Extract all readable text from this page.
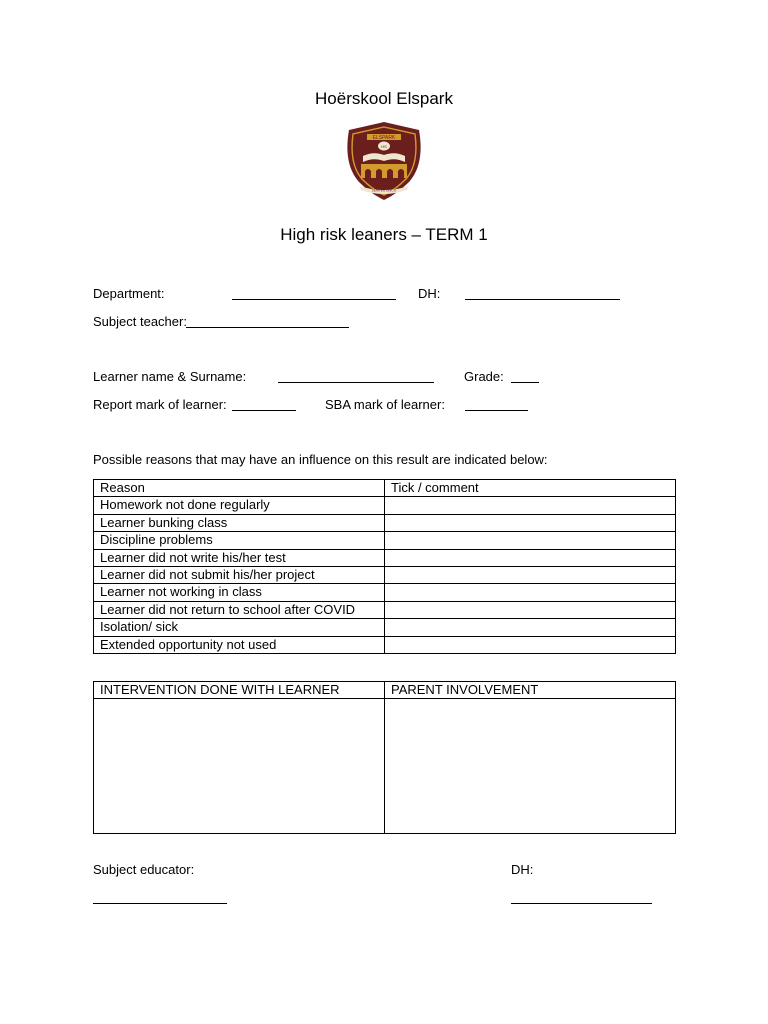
Hoërskool Elspark
ELSPARK
HS
SEMPER DISCO
High risk leaners – TERM 1
Department:	DH:
Subject teacher:
Learner name & Surname:	Grade:
Report mark of learner:	SBA mark of learner:
Possible reasons that may have an influence on this result are indicated below:
Reason	Tick / comment
Homework not done regularly	
Learner bunking class	
Discipline problems	
Learner did not write his/her test	
Learner did not submit his/her project	
Learner not working in class	
Learner did not return to school after COVID	
Isolation/ sick	
Extended opportunity not used	
INTERVENTION DONE WITH LEARNER	PARENT INVOLVEMENT

Subject educator:	DH:
